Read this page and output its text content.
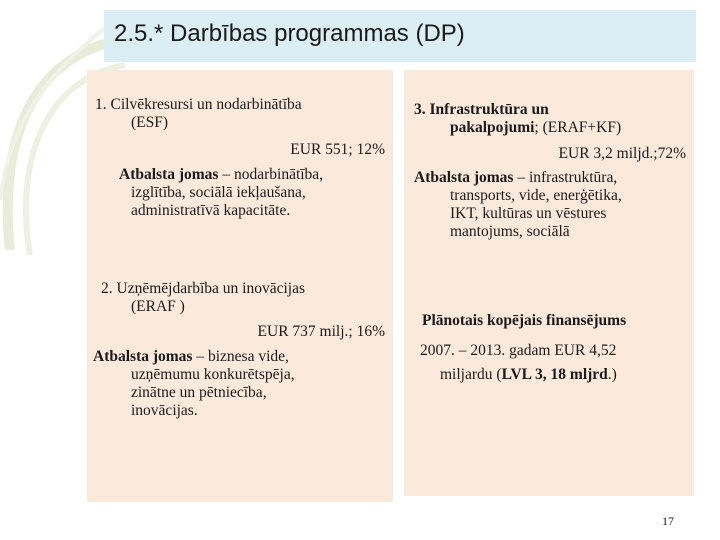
2.5.* Darbības programmas (DP)
1. Cilvēkresursi un nodarbinātība
(ESF)
EUR 551; 12%
Atbalsta jomas – nodarbinātība,
izglītība, sociālā iekļaušana,
administratīvā kapacitāte.
2. Uzņēmējdarbība un inovācijas
(ERAF )
EUR 737 milj.; 16%
Atbalsta jomas – biznesa vide,
uzņēmumu konkurētspēja,
zinātne un pētniecība,
inovācijas.
3. Infrastruktūra un
pakalpojumi; (ERAF+KF)
EUR 3,2 miljd.;72%
Atbalsta jomas – infrastruktūra,
transports, vide, enerģētika,
IKT, kultūras un vēstures
mantojums, sociālā
Plānotais kopējais finansējums
2007. – 2013. gadam EUR 4,52
miljardu (LVL 3, 18 mljrd.)
17
